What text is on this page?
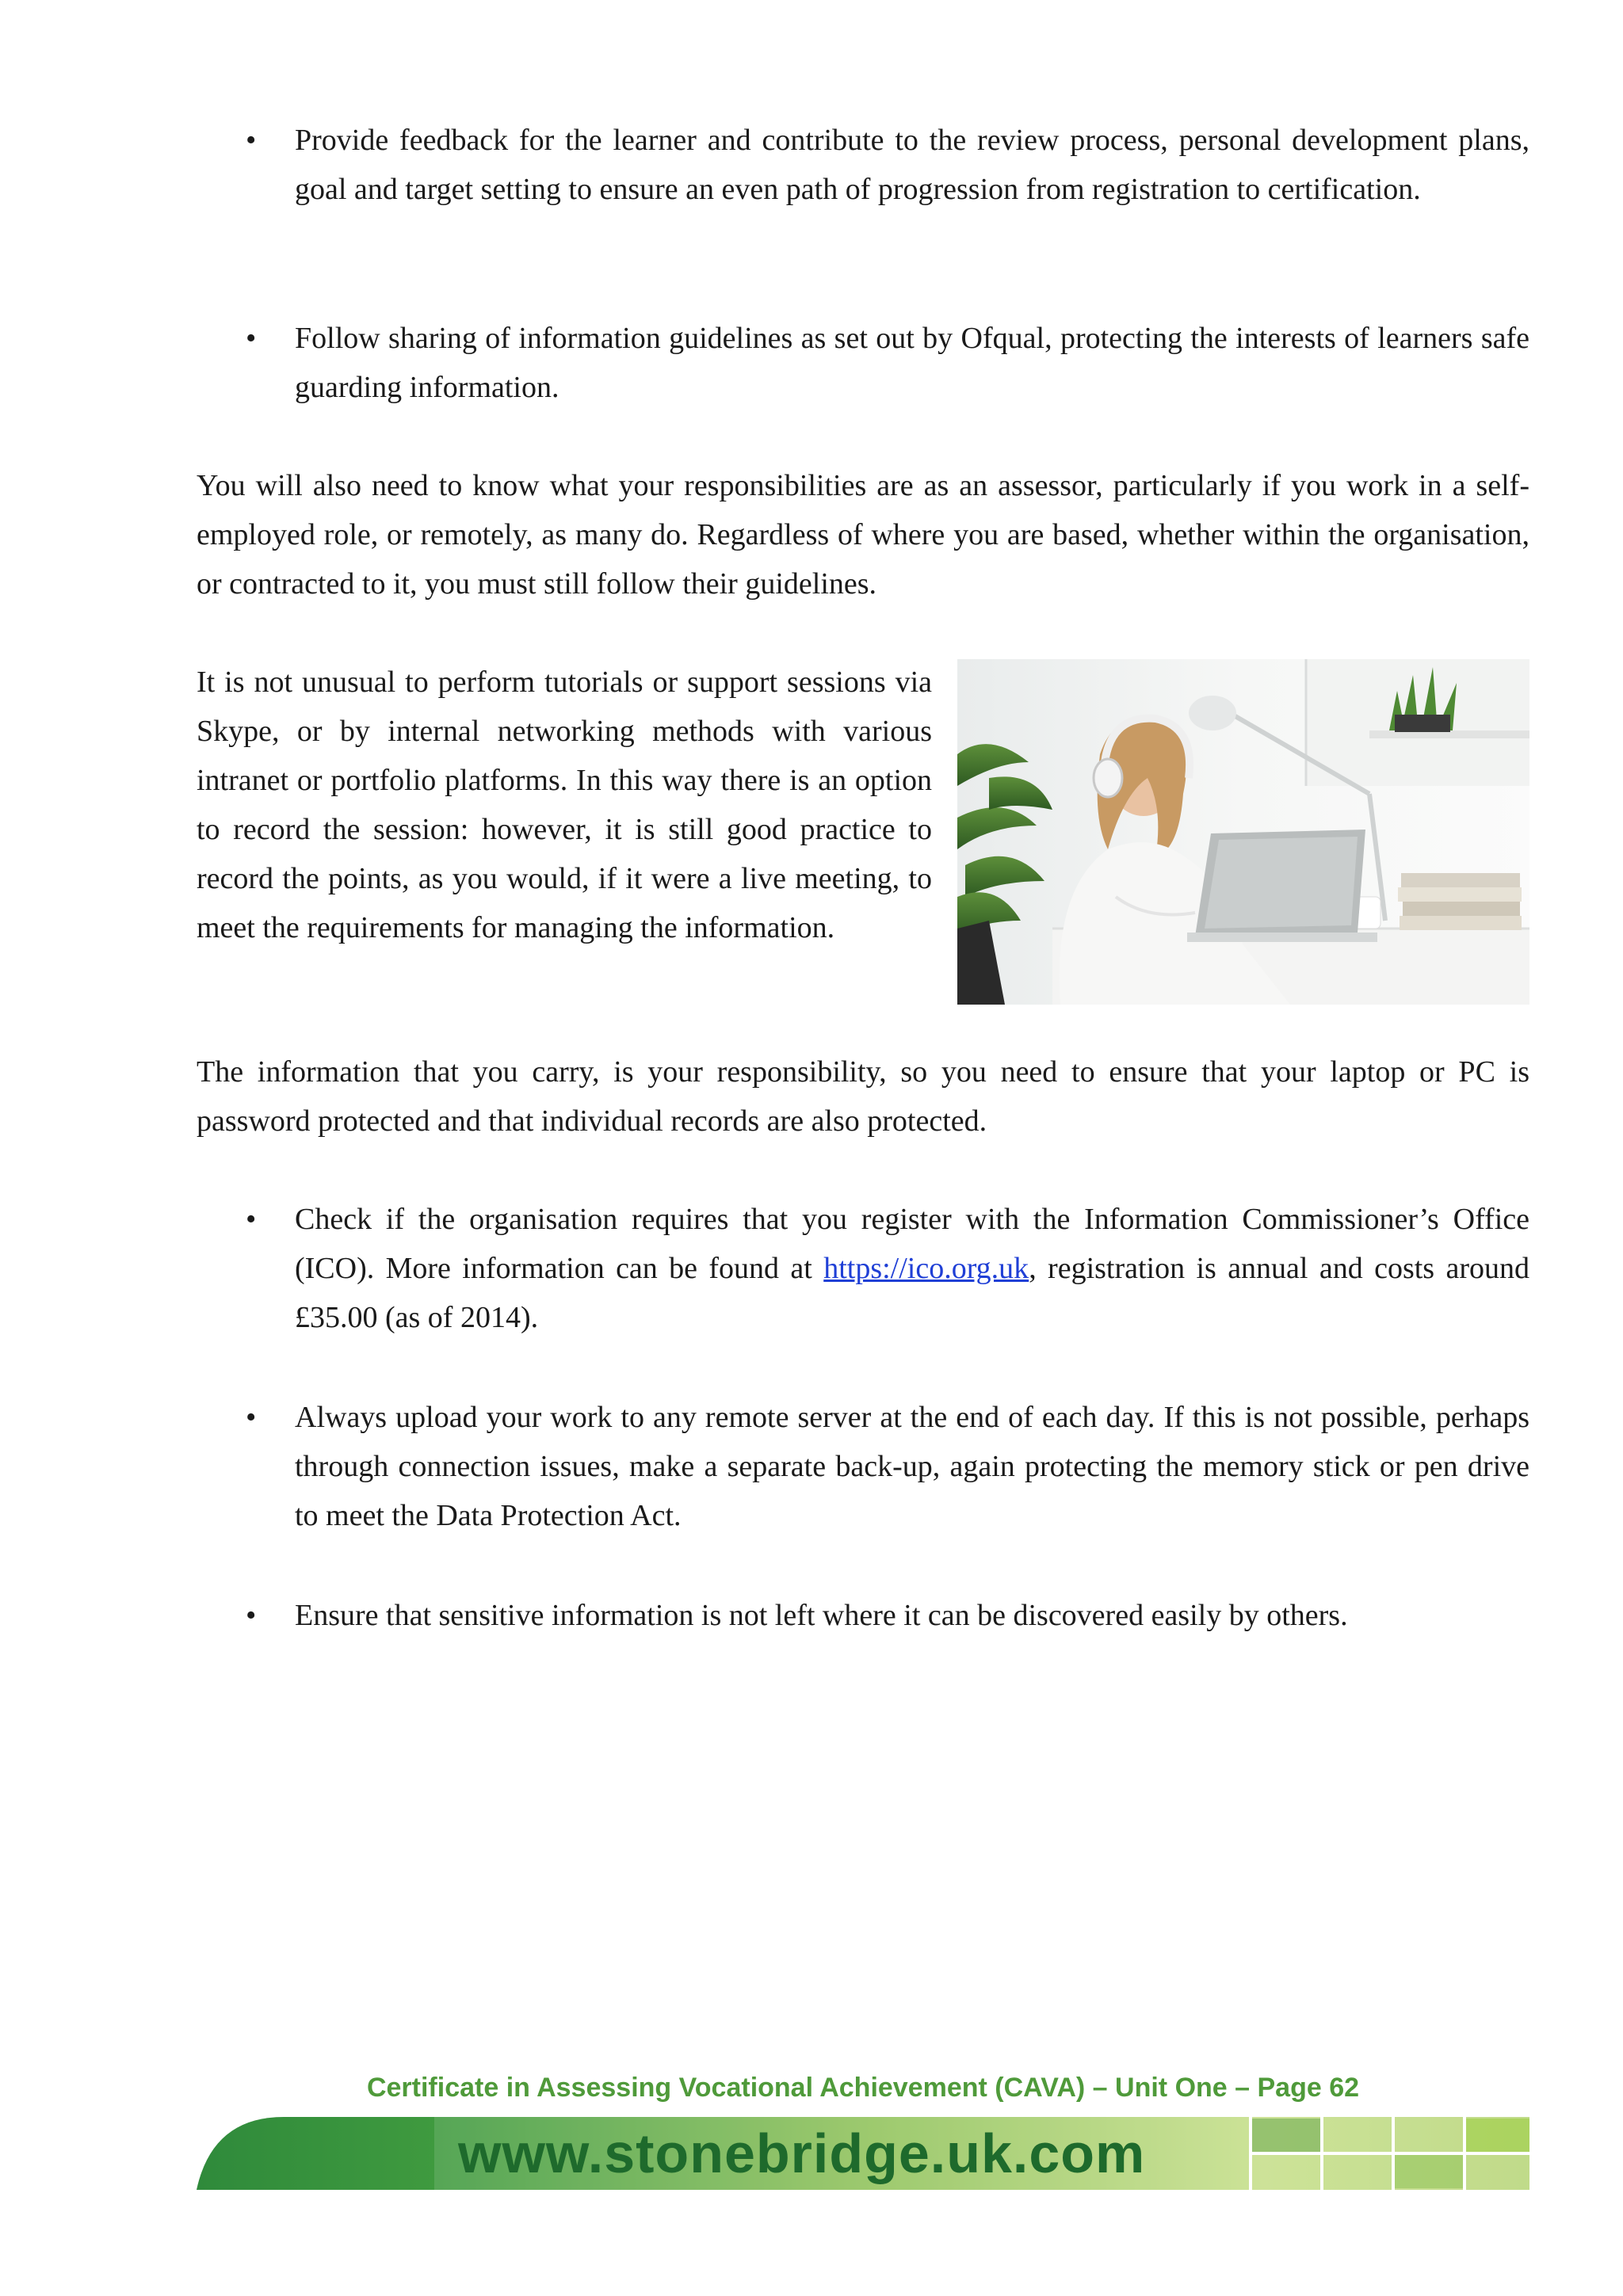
• Provide feedback for the learner and contribute to the review process, personal development plans, goal and target setting to ensure an even path of progression from registration to certification.
• Follow sharing of information guidelines as set out by Ofqual, protecting the interests of learners safe guarding information.
You will also need to know what your responsibilities are as an assessor, particularly if you work in a self-employed role, or remotely, as many do. Regardless of where you are based, whether within the organisation, or contracted to it, you must still follow their guidelines.
It is not unusual to perform tutorials or support sessions via Skype, or by internal networking methods with various intranet or portfolio platforms. In this way there is an option to record the session: however, it is still good practice to record the points, as you would, if it were a live meeting, to meet the requirements for managing the information.
The information that you carry, is your responsibility, so you need to ensure that your laptop or PC is password protected and that individual records are also protected.
• Check if the organisation requires that you register with the Information Commissioner’s Office (ICO). More information can be found at https://ico.org.uk, registration is annual and costs around £35.00 (as of 2014).
• Always upload your work to any remote server at the end of each day. If this is not possible, perhaps through connection issues, make a separate back-up, again protecting the memory stick or pen drive to meet the Data Protection Act.
• Ensure that sensitive information is not left where it can be discovered easily by others.
Certificate in Assessing Vocational Achievement (CAVA) – Unit One – Page 62
www.stonebridge.uk.com
